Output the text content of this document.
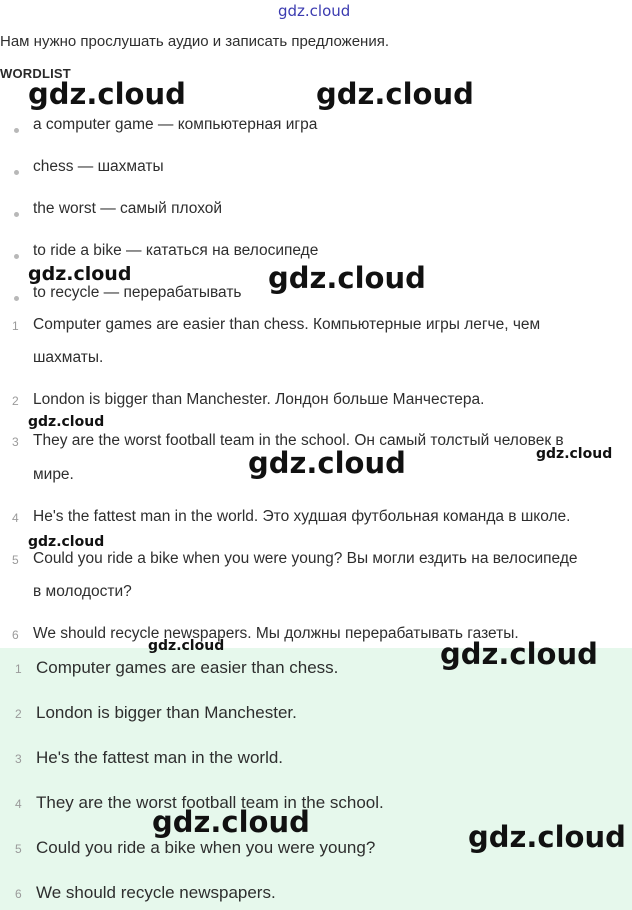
Нам нужно прослушать аудио и записать предложения.
WORDLIST
a computer game — компьютерная игра
chess — шахматы
the worst — самый плохой
to ride a bike — кататься на велосипеде
to recycle — перерабатывать
1 Computer games are easier than chess. Компьютерные игры легче, чем
шахматы.
2 London is bigger than Manchester. Лондон больше Манчестера.
3 They are the worst football team in the school. Он самый толстый человек в
мире.
4 He's the fattest man in the world. Это худшая футбольная команда в школе.
5 Could you ride a bike when you were young? Вы могли ездить на велосипеде
в молодости?
6 We should recycle newspapers. Мы должны перерабатывать газеты.
1 Computer games are easier than chess.
2 London is bigger than Manchester.
3 He's the fattest man in the world.
4 They are the worst football team in the school.
5 Could you ride a bike when you were young?
6 We should recycle newspapers.
gdz.cloud
gdz.cloud	gdz.cloud
gdz.cloud	gdz.cloud
gdz.cloud
gdz.cloud	gdz.cloud
gdz.cloud
gdz.cloud	gdz.cloud
gdz.cloud	gdz.cloud
